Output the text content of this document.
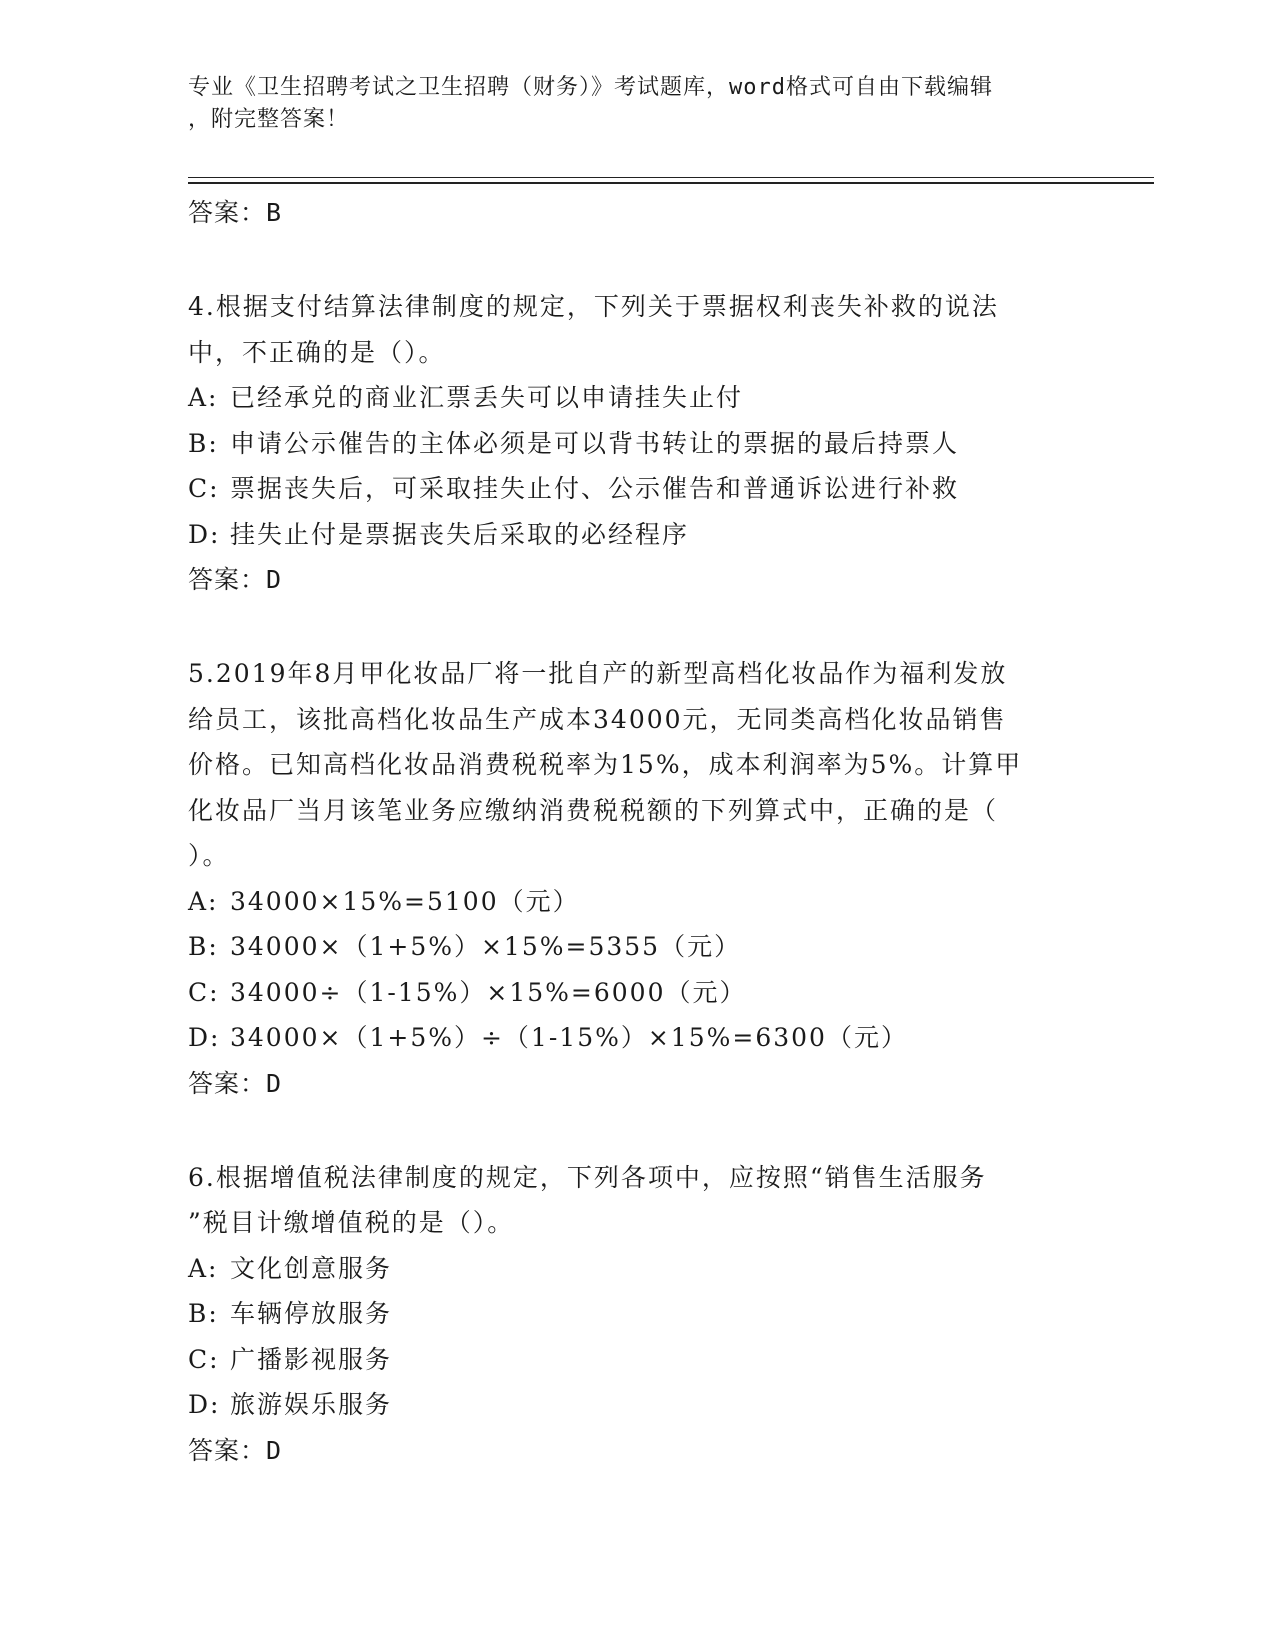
专业《卫生招聘考试之卫生招聘（财务）》考试题库，word格式可自由下载编辑
，附完整答案！
答案：B
4.根据支付结算法律制度的规定，下列关于票据权利丧失补救的说法
中，不正确的是（）。
A: 已经承兑的商业汇票丢失可以申请挂失止付
B: 申请公示催告的主体必须是可以背书转让的票据的最后持票人
C: 票据丧失后，可采取挂失止付、公示催告和普通诉讼进行补救
D: 挂失止付是票据丧失后采取的必经程序
答案：D
5.2019年8月甲化妆品厂将一批自产的新型高档化妆品作为福利发放
给员工，该批高档化妆品生产成本34000元，无同类高档化妆品销售
价格。已知高档化妆品消费税税率为15%，成本利润率为5%。计算甲
化妆品厂当月该笔业务应缴纳消费税税额的下列算式中，正确的是（
）。
A: 34000×15%=5100（元）
B: 34000×（1+5%）×15%=5355（元）
C: 34000÷（1-15%）×15%=6000（元）
D: 34000×（1+5%）÷（1-15%）×15%=6300（元）
答案：D
6.根据增值税法律制度的规定，下列各项中，应按照“销售生活服务
”税目计缴增值税的是（）。
A: 文化创意服务
B: 车辆停放服务
C: 广播影视服务
D: 旅游娱乐服务
答案：D
